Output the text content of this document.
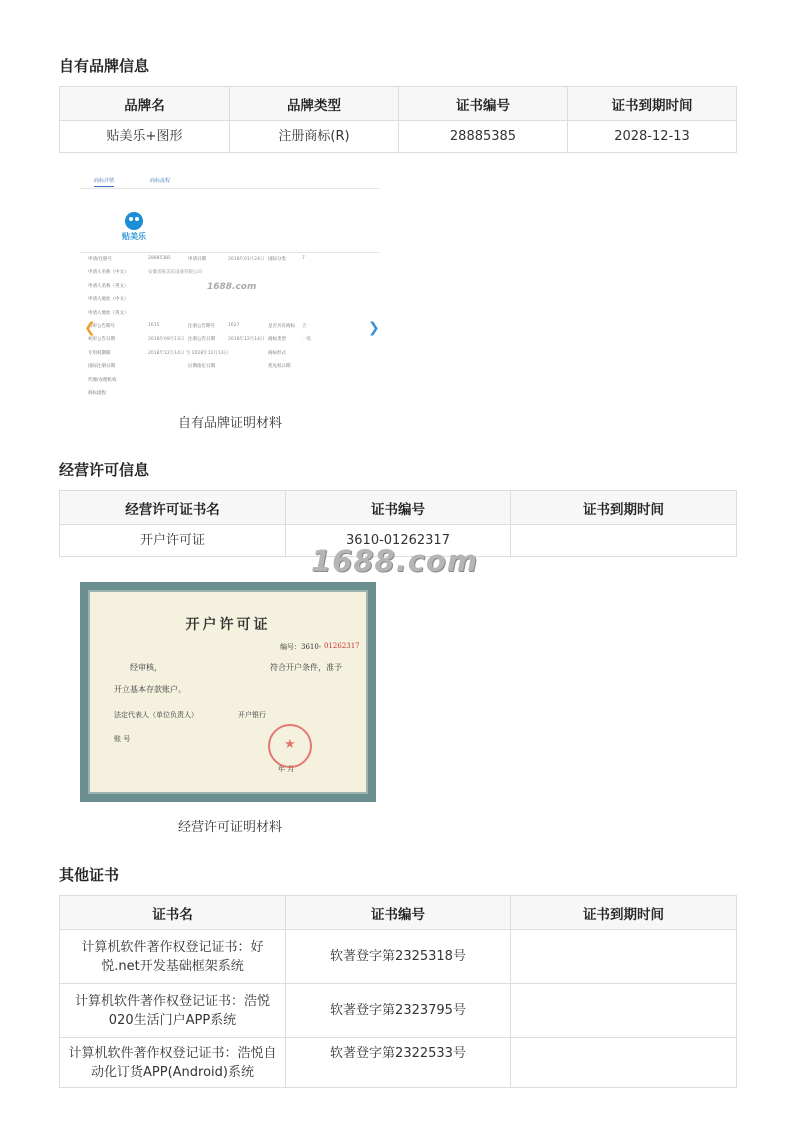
自有品牌信息
品牌名	品牌类型	证书编号	证书到期时间
贴美乐+图形	注册商标(R)	28885385	2028-12-13
商标详情	商标流程
贴美乐
申请/注册号	28885385	申请日期	2018年01月24日 国际分类	7
申请人名称（中文）	安徽省贴美乐设备有限公司
申请人名称（英文）
申请人地址（中文）
申请人地址（英文）
初审公告期号	1615	注册公告期号	1627	是否共有商标 否
初审公告日期	2018年09月13日 注册公告日期	2018年12月14日 商标类型	一般
专用权期限	2018年12月14日 至 2028年12月13日	商标形式
国际注册日期	后期指定日期	优先权日期
代理/办理机构
商标流程
1688.com
❮	❯
自有品牌证明材料
经营许可信息
经营许可证书名	证书编号	证书到期时间
开户许可证	3610-01262317	
1688.com
开户许可证
编号：3610- 01262317
经审核，	符合开户条件，准予
开立基本存款账户。
法定代表人（单位负责人）	开户银行
账 号
年 月
★
经营许可证明材料
其他证书
证书名	证书编号	证书到期时间
计算机软件著作权登记证书：好悦.net开发基础框架系统	软著登字第2325318号	
计算机软件著作权登记证书：浩悦020生活门户APP系统	软著登字第2323795号	
计算机软件著作权登记证书：浩悦自动化订货APP(Android)系统	软著登字第2322533号	
